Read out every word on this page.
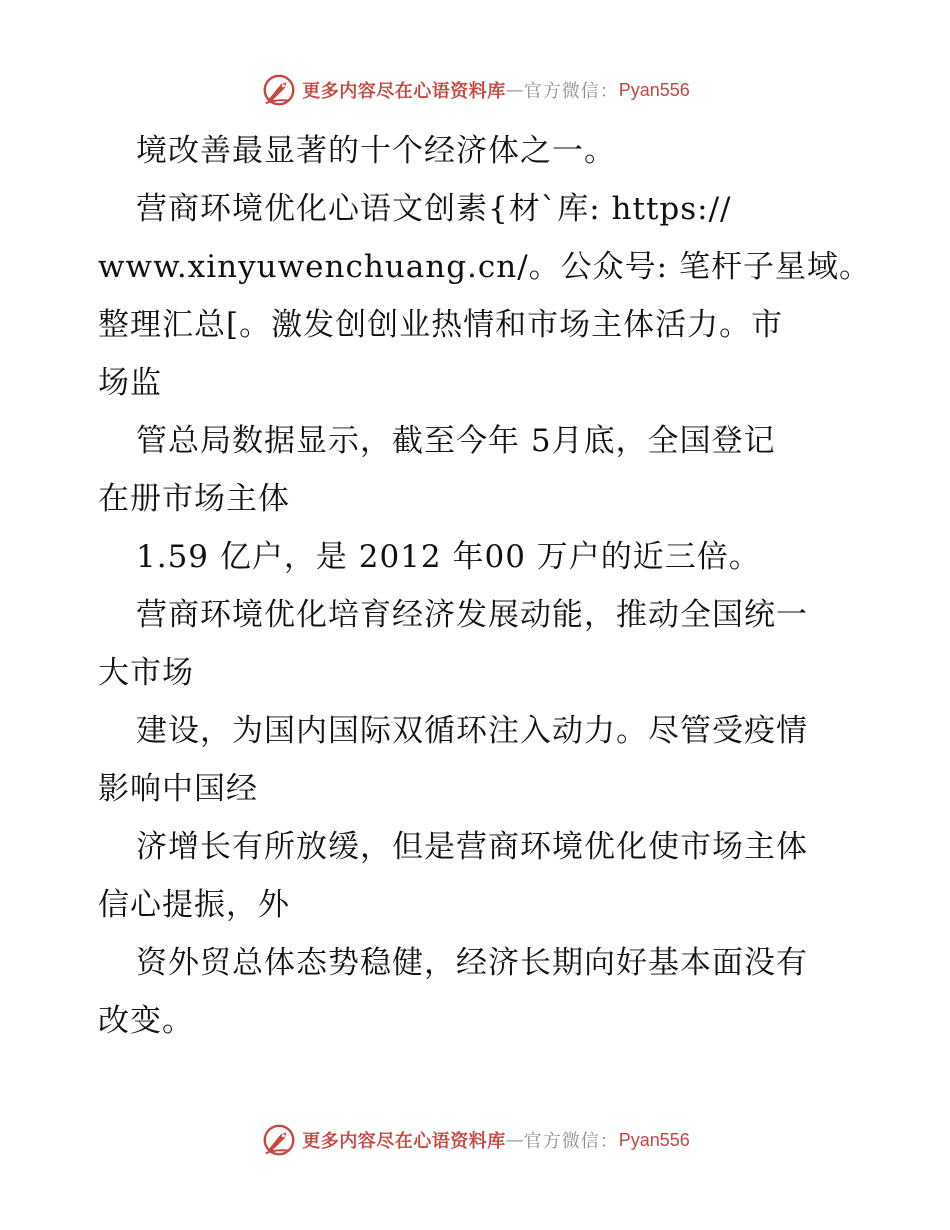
更多内容尽在心语资料库 — 官方微信： Pyan556
境改善最显著的十个经济体之一。
营商环境优化心语文创素{材`库: https://
www.xinyuwenchuang.cn/。公众号: 笔杆子星域。
整理汇总[。激发创创业热情和市场主体活力。市
场监
管总局数据显示，截至今年 5月底，全国登记
在册市场主体
1.59 亿户，是 2012 年00 万户的近三倍。
营商环境优化培育经济发展动能，推动全国统一
大市场
建设，为国内国际双循环注入动力。尽管受疫情
影响中国经
济增长有所放缓，但是营商环境优化使市场主体
信心提振，外
资外贸总体态势稳健，经济长期向好基本面没有
改变。
更多内容尽在心语资料库 — 官方微信： Pyan556
